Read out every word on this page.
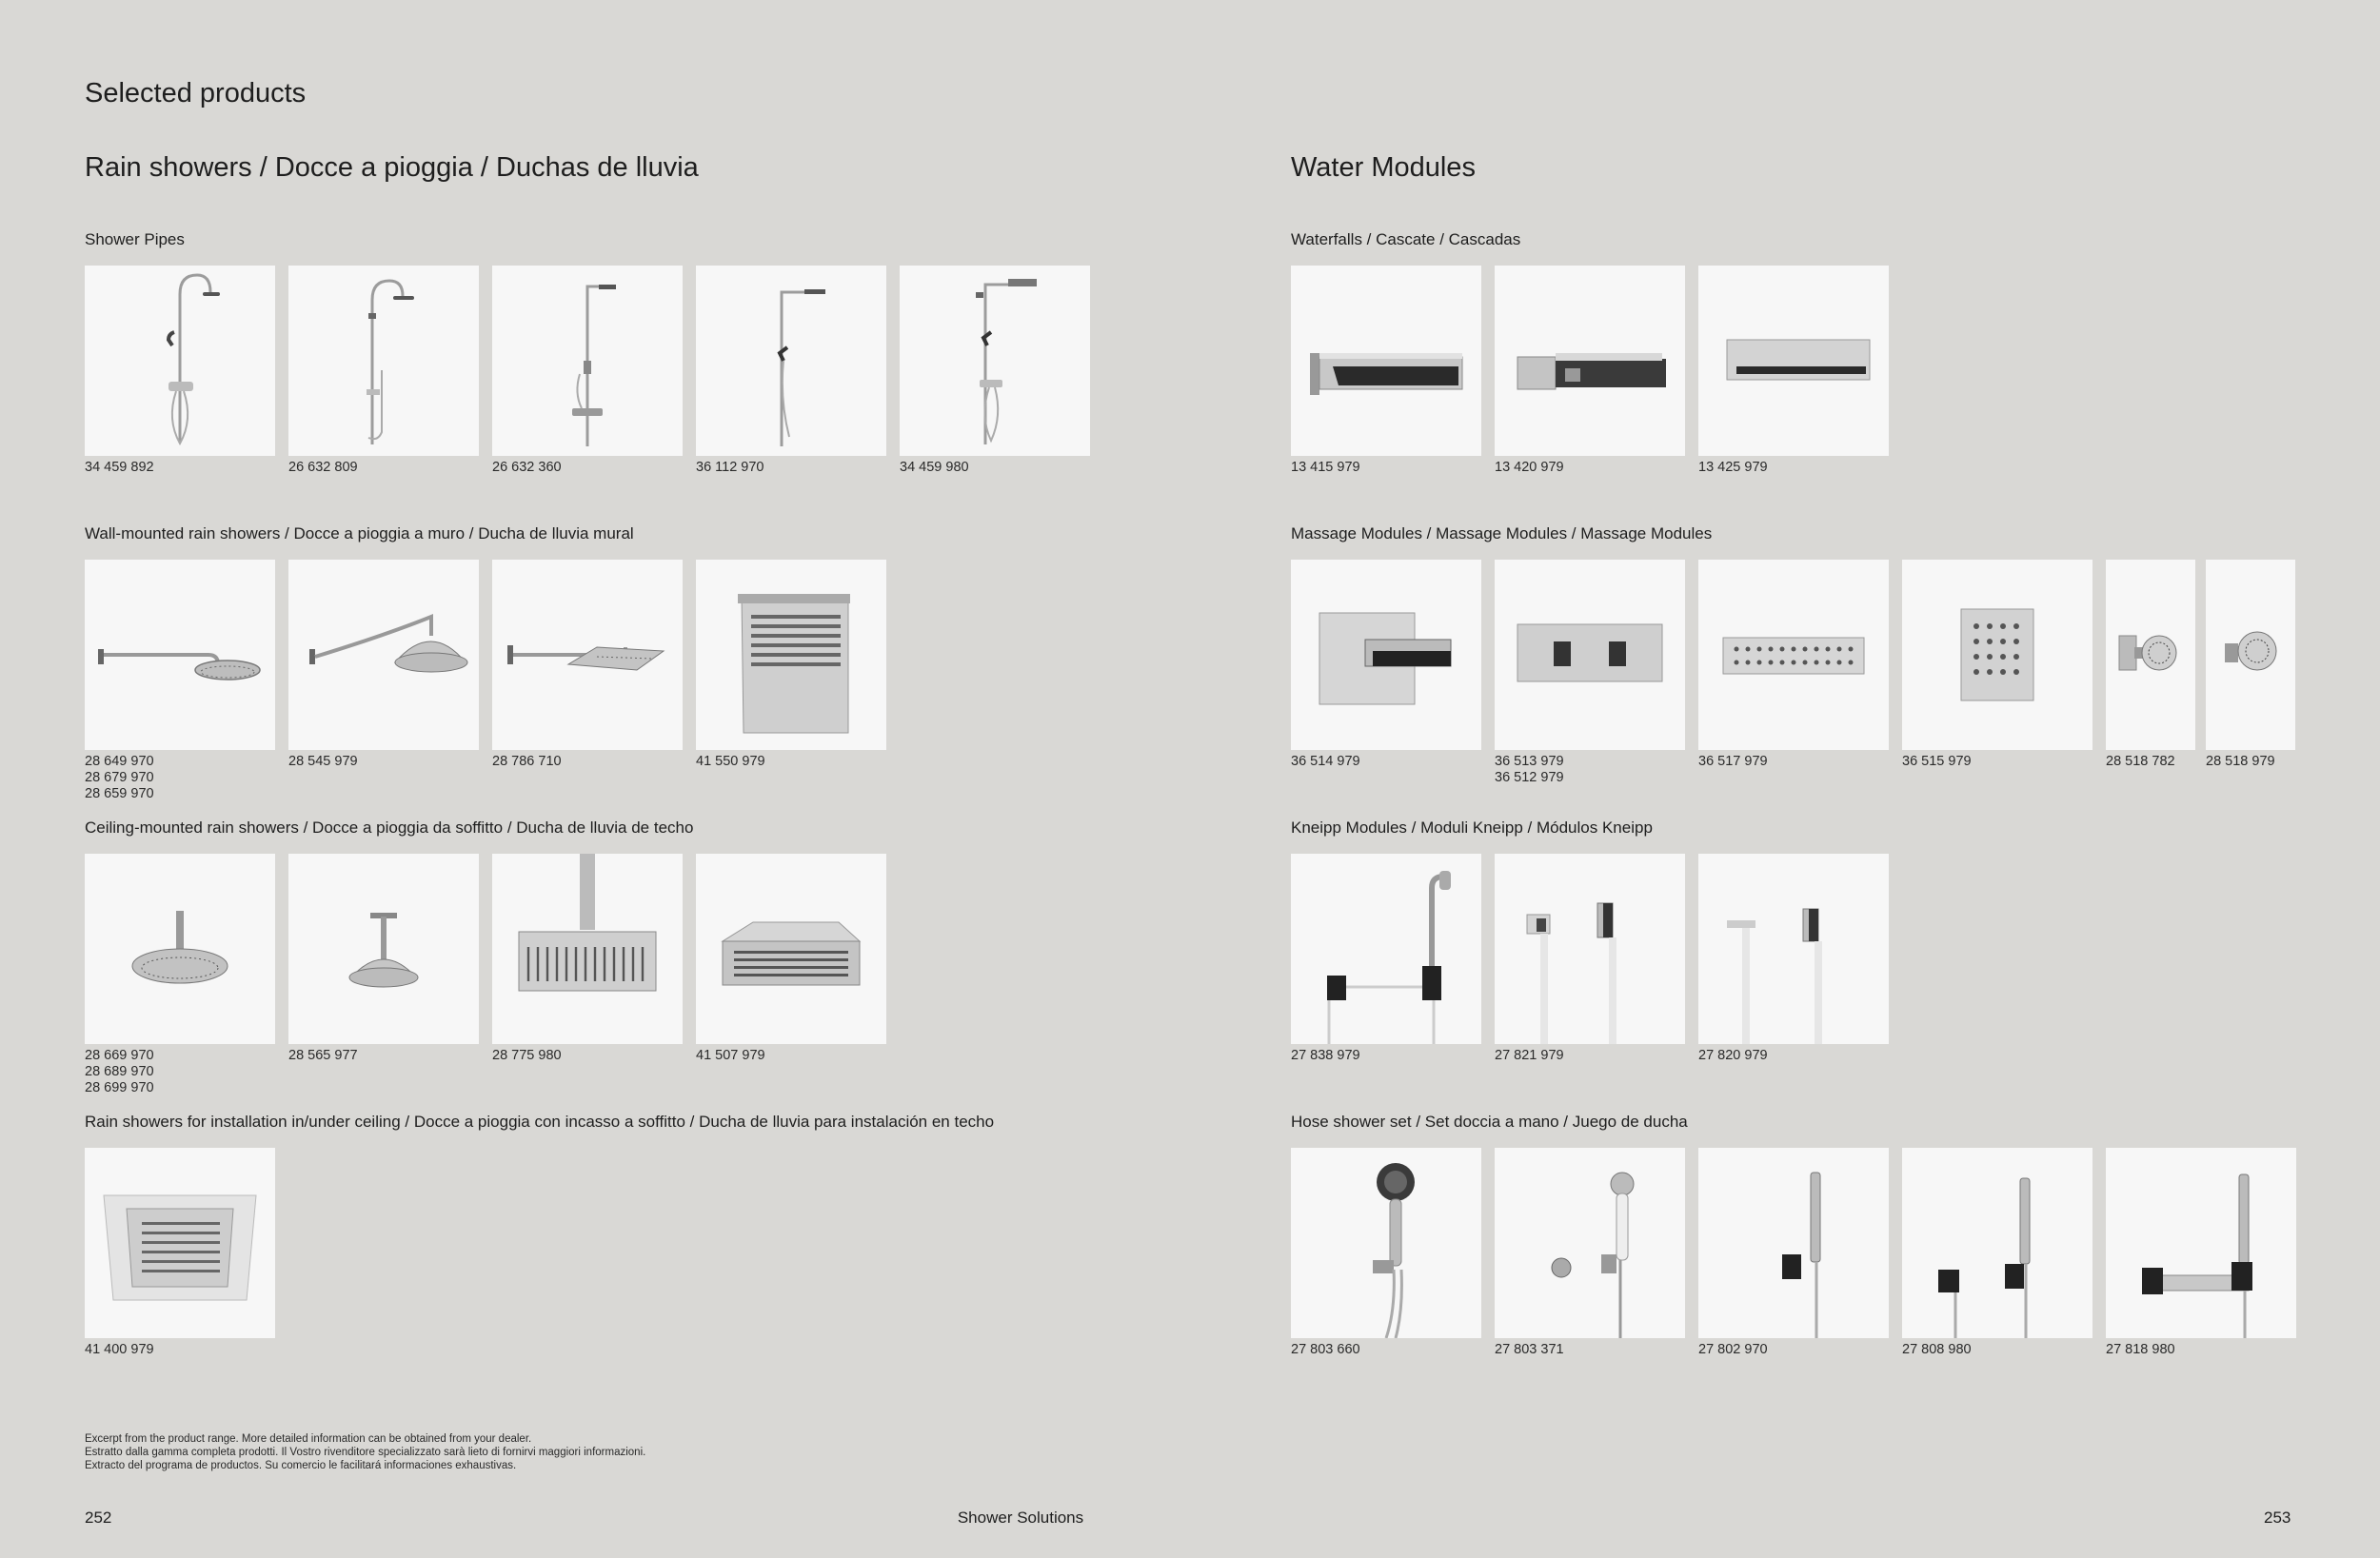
Selected products
Rain showers / Docce a pioggia / Duchas de lluvia	Water Modules
Shower Pipes
Wall-mounted rain showers / Docce a pioggia a muro / Ducha de lluvia mural
Ceiling-mounted rain showers / Docce a pioggia da soffitto / Ducha de lluvia de techo
Rain showers for installation in/under ceiling / Docce a pioggia con incasso a soffitto / Ducha de lluvia para instalación en techo
Waterfalls / Cascate / Cascadas
Massage Modules / Massage Modules / Massage Modules
Kneipp Modules / Moduli Kneipp / Módulos Kneipp
Hose shower set / Set doccia a mano / Juego de ducha
34 459 892	26 632 809	26 632 360	36 112 970	34 459 980
28 649 970
28 679 970
28 659 970
28 545 979	28 786 710	41 550 979
28 669 970
28 689 970
28 699 970
28 565 977	28 775 980	41 507 979
41 400 979
13 415 979	13 420 979	13 425 979
36 514 979	36 513 979
36 512 979
36 517 979	36 515 979	28 518 782 28 518 979
27 838 979	27 821 979	27 820 979
27 803 660	27 803 371	27 802 970	27 808 980	27 818 980
Excerpt from the product range. More detailed information can be obtained from your dealer.
Estratto dalla gamma completa prodotti. Il Vostro rivenditore specializzato sarà lieto di fornirvi maggiori informazioni.
Extracto del programa de productos. Su comercio le facilitará informaciones exhaustivas.
252	Shower Solutions	253
